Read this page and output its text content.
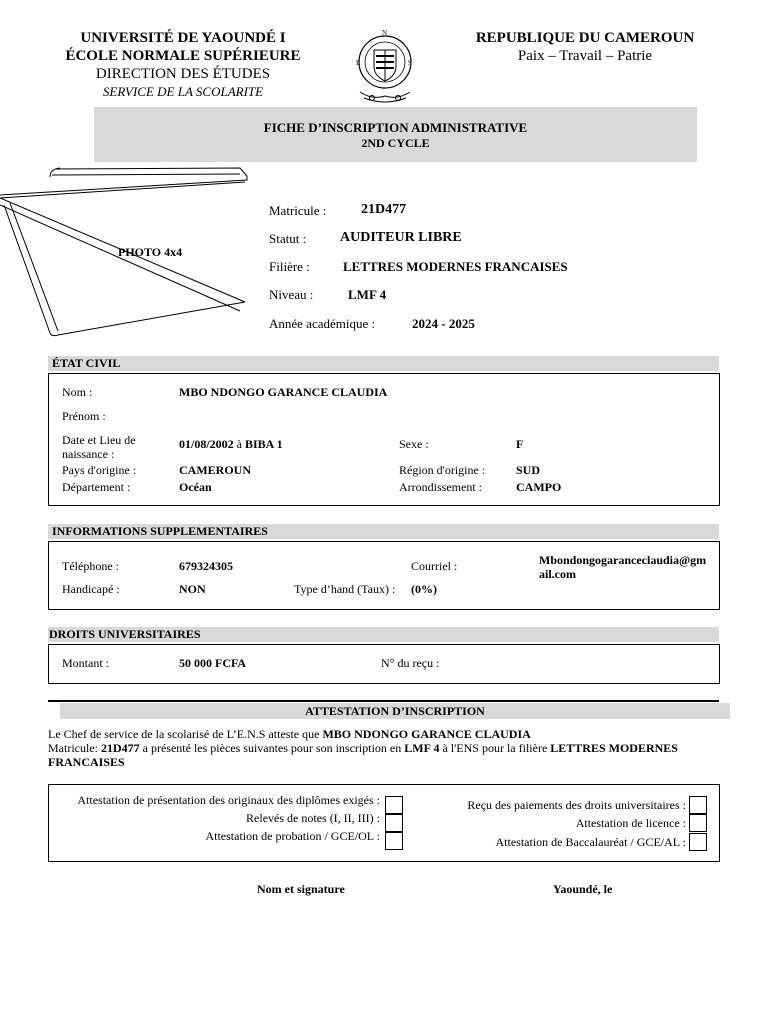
UNIVERSITÉ DE YAOUNDÉ I
ÉCOLE NORMALE SUPÉRIEURE
DIRECTION DES ÉTUDES
SERVICE DE LA SCOLARITE
REPUBLIQUE DU CAMEROUN
Paix – Travail – Patrie
N
E	S
FICHE D’INSCRIPTION ADMINISTRATIVE
2ND CYCLE
PHOTO 4x4
Matricule : 21D477
Statut : AUDITEUR LIBRE
Filière :	LETTRES MODERNES FRANCAISES
Niveau :	LMF 4
Année académique :	2024 - 2025
ÉTAT CIVIL
Nom :	MBO NDONGO GARANCE CLAUDIA
Prénom :
Date et Lieu de
naissance :
01/08/2002 à BIBA 1	Sexe :	F
Pays d'origine :	CAMEROUN	Région d'origine :	SUD
Département :	Océan	Arrondissement :	CAMPO
INFORMATIONS SUPPLEMENTAIRES
Téléphone :	679324305	Courriel :	Mbondongogaranceclaudia@gmail.com
Handicapé :	NON	Type d’hand (Taux) : (0%)
DROITS UNIVERSITAIRES
Montant :	50 000 FCFA	N° du reçu :
ATTESTATION D’INSCRIPTION
Le Chef de service de la scolarisé de L’E.N.S atteste que MBO NDONGO GARANCE CLAUDIA
Matricule: 21D477 a présenté les pièces suivantes pour son inscription en LMF 4 à l'ENS pour la filière LETTRES MODERNES
FRANCAISES
Attestation de présentation des originaux des diplômes exigés :
Relevés de notes (I, II, III) :
Attestation de probation / GCE/OL :
Reçu des paiements des droits universitaires :
Attestation de licence :
Attestation de Baccalauréat / GCE/AL :
Nom et signature	Yaoundé, le
